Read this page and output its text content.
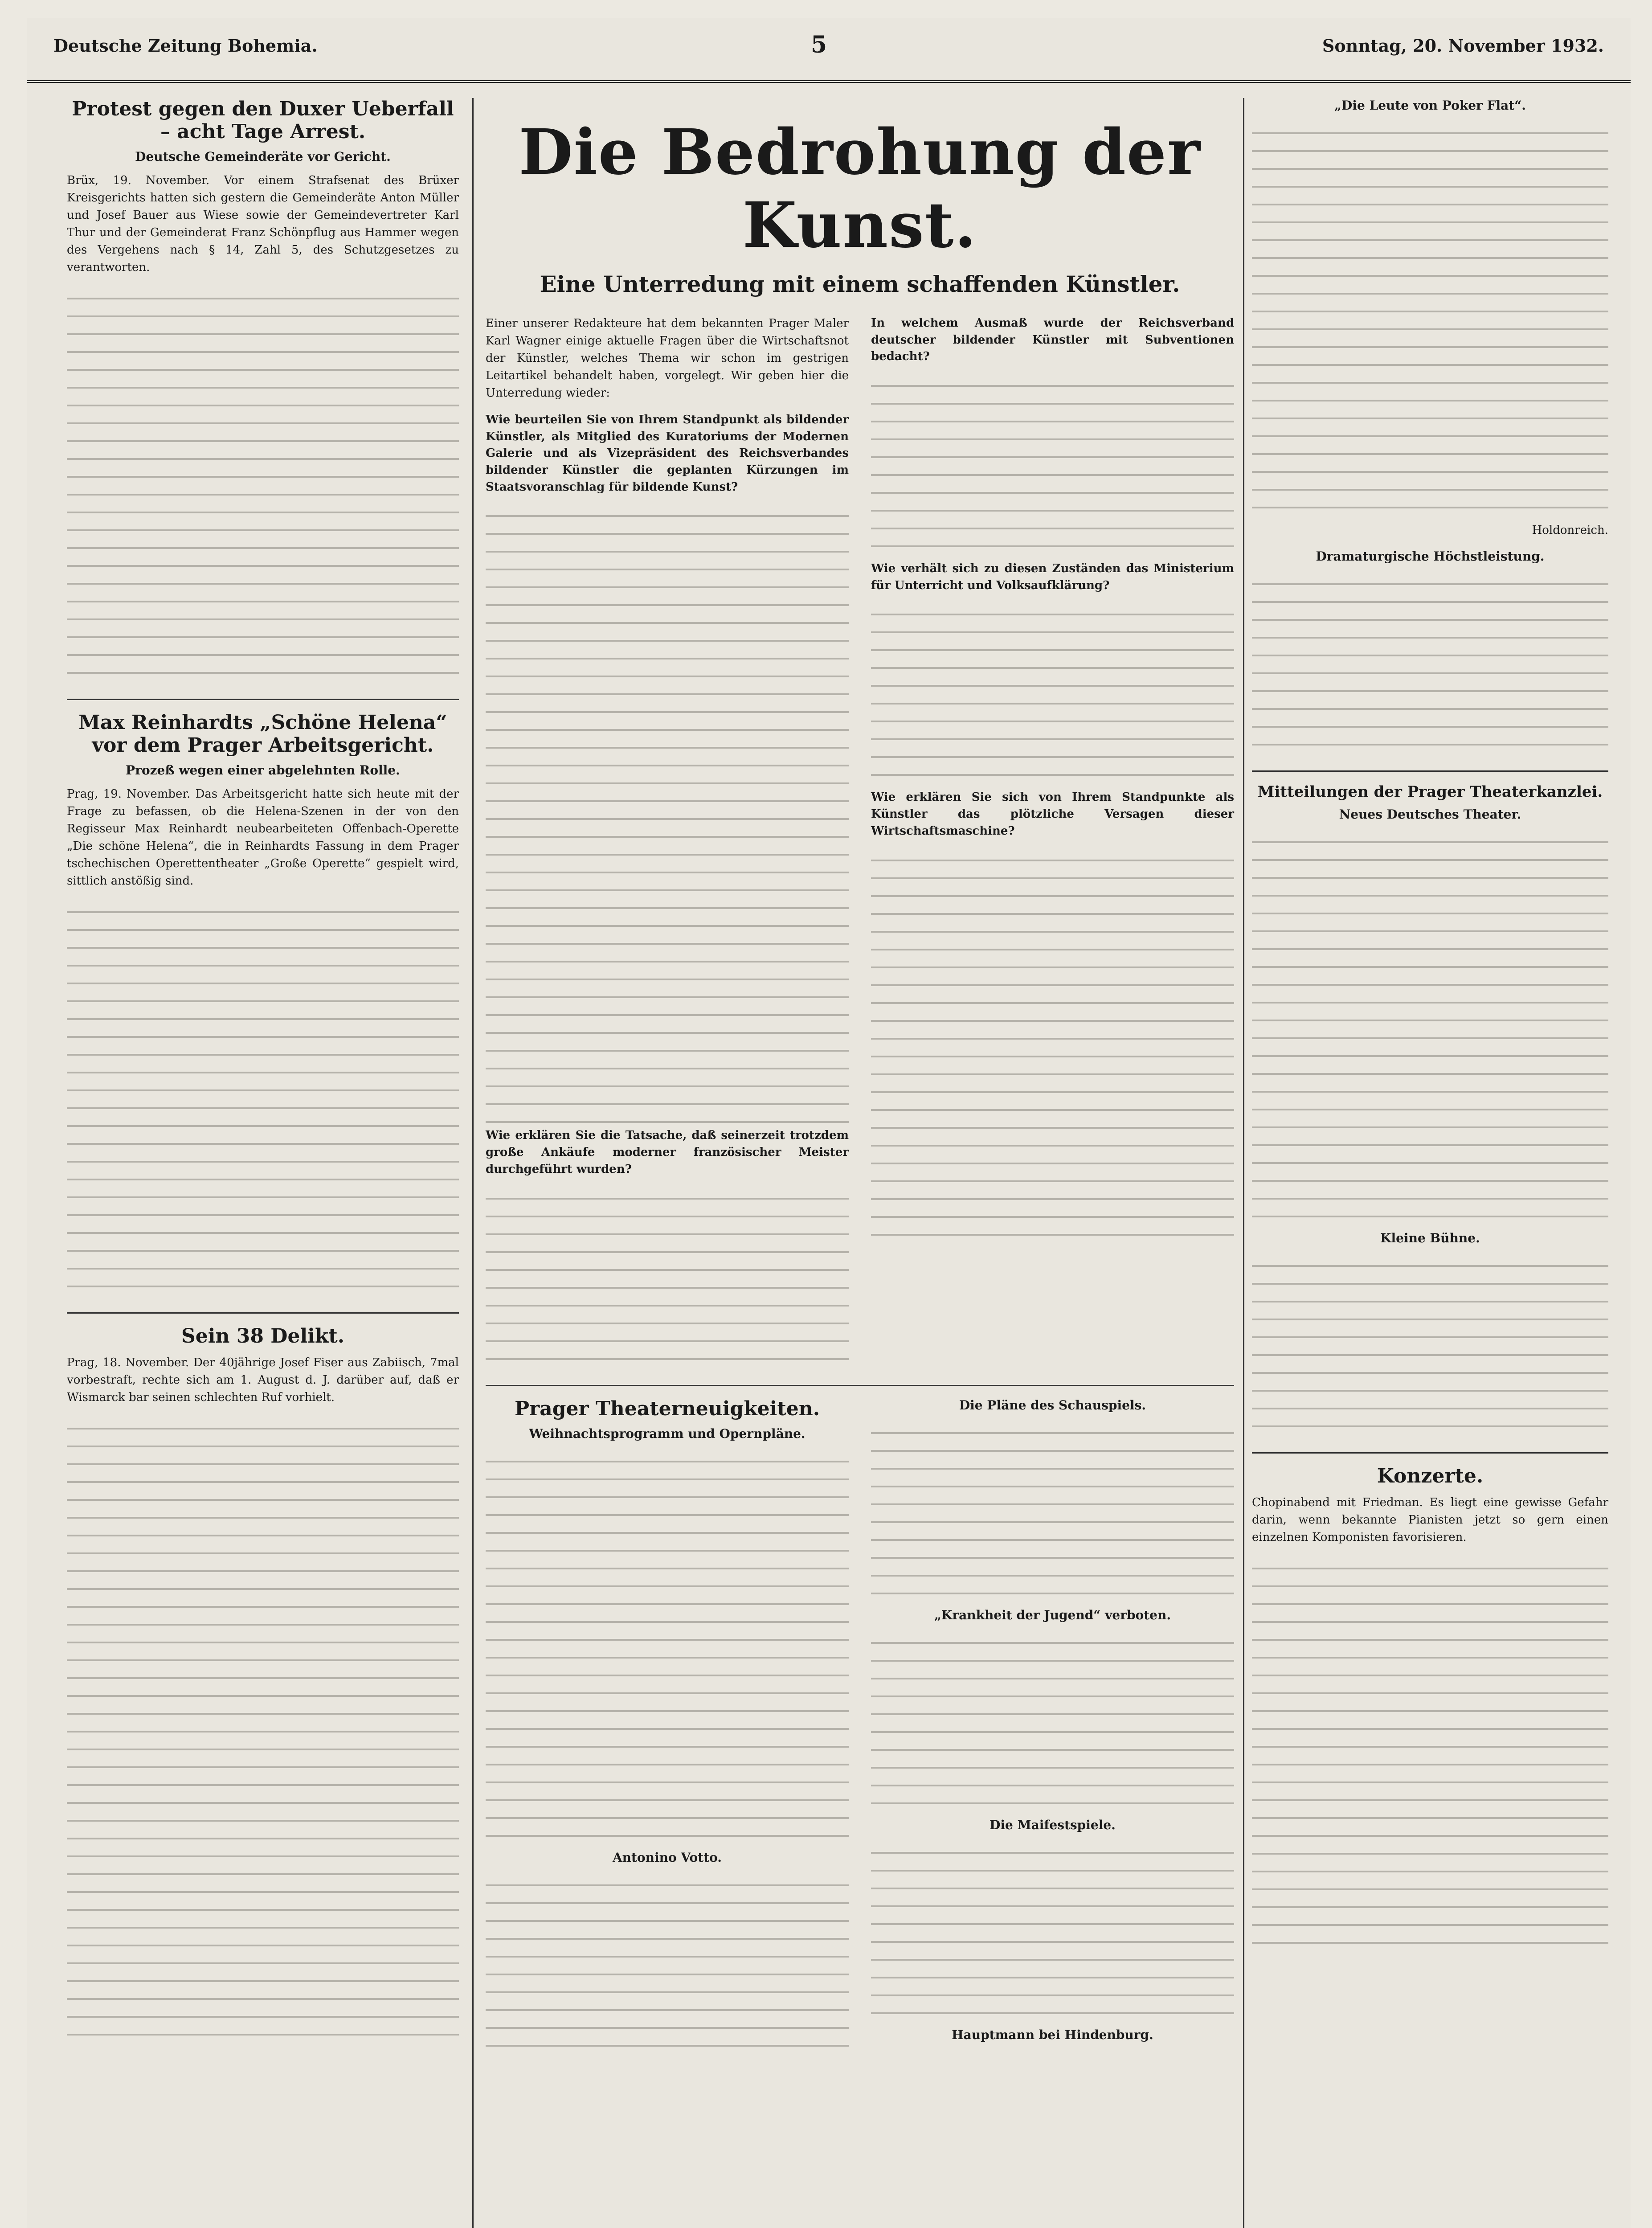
Deutsche Zeitung Bohemia.	5	Sonntag, 20. November 1932.
Protest gegen den Duxer Ueberfall – acht Tage Arrest.
Deutsche Gemeinderäte vor Gericht.
Brüx, 19. November. Vor einem Strafsenat des Brüxer Kreisgerichts hatten sich gestern die Gemeinderäte Anton Müller und Josef Bauer aus Wiese sowie der Gemeindevertreter Karl Thur und der Gemeinderat Franz Schönpflug aus Hammer wegen des Vergehens nach § 14, Zahl 5, des Schutzgesetzes zu verantworten.
Max Reinhardts „Schöne Helena“ vor dem Prager Arbeitsgericht.
Prozeß wegen einer abgelehnten Rolle.
Prag, 19. November. Das Arbeitsgericht hatte sich heute mit der Frage zu befassen, ob die Helena-Szenen in der von den Regisseur Max Reinhardt neubearbeiteten Offenbach-Operette „Die schöne Helena“, die in Reinhardts Fassung in dem Prager tschechischen Operettentheater „Große Operette“ gespielt wird, sittlich anstößig sind.
Sein 38 Delikt.
Prag, 18. November. Der 40jährige Josef Fiser aus Zabiisch, 7mal vorbestraft, rechte sich am 1. August d. J. darüber auf, daß er Wismarck bar seinen schlechten Ruf vorhielt.
Die Bedrohung der Kunst.
Eine Unterredung mit einem schaffenden Künstler.
Einer unserer Redakteure hat dem bekannten Prager Maler Karl Wagner einige aktuelle Fragen über die Wirtschaftsnot der Künstler, welches Thema wir schon im gestrigen Leitartikel behandelt haben, vorgelegt. Wir geben hier die Unterredung wieder:
Wie beurteilen Sie von Ihrem Standpunkt als bildender Künstler, als Mitglied des Kuratoriums der Modernen Galerie und als Vizepräsident des Reichsverbandes bildender Künstler die geplanten Kürzungen im Staatsvoranschlag für bildende Kunst?
Wie erklären Sie die Tatsache, daß seinerzeit trotzdem große Ankäufe moderner französischer Meister durchgeführt wurden?
In welchem Ausmaß wurde der Reichsverband deutscher bildender Künstler mit Subventionen bedacht?
Wie verhält sich zu diesen Zuständen das Ministerium für Unterricht und Volksaufklärung?
Wie erklären Sie sich von Ihrem Standpunkte als Künstler das plötzliche Versagen dieser Wirtschaftsmaschine?
Prager Theaterneuigkeiten.
Weihnachtsprogramm und Opernpläne.
Antonino Votto.
Die Pläne des Schauspiels.
„Krankheit der Jugend“ verboten.
Die Maifestspiele.
Hauptmann bei Hindenburg.
„Die Leute von Poker Flat“.
Holdonreich.
Dramaturgische Höchstleistung.
Mitteilungen der Prager Theaterkanzlei.
Neues Deutsches Theater.
Kleine Bühne.
Konzerte.
Chopinabend mit Friedman. Es liegt eine gewisse Gefahr darin, wenn bekannte Pianisten jetzt so gern einen einzelnen Komponisten favorisieren.
